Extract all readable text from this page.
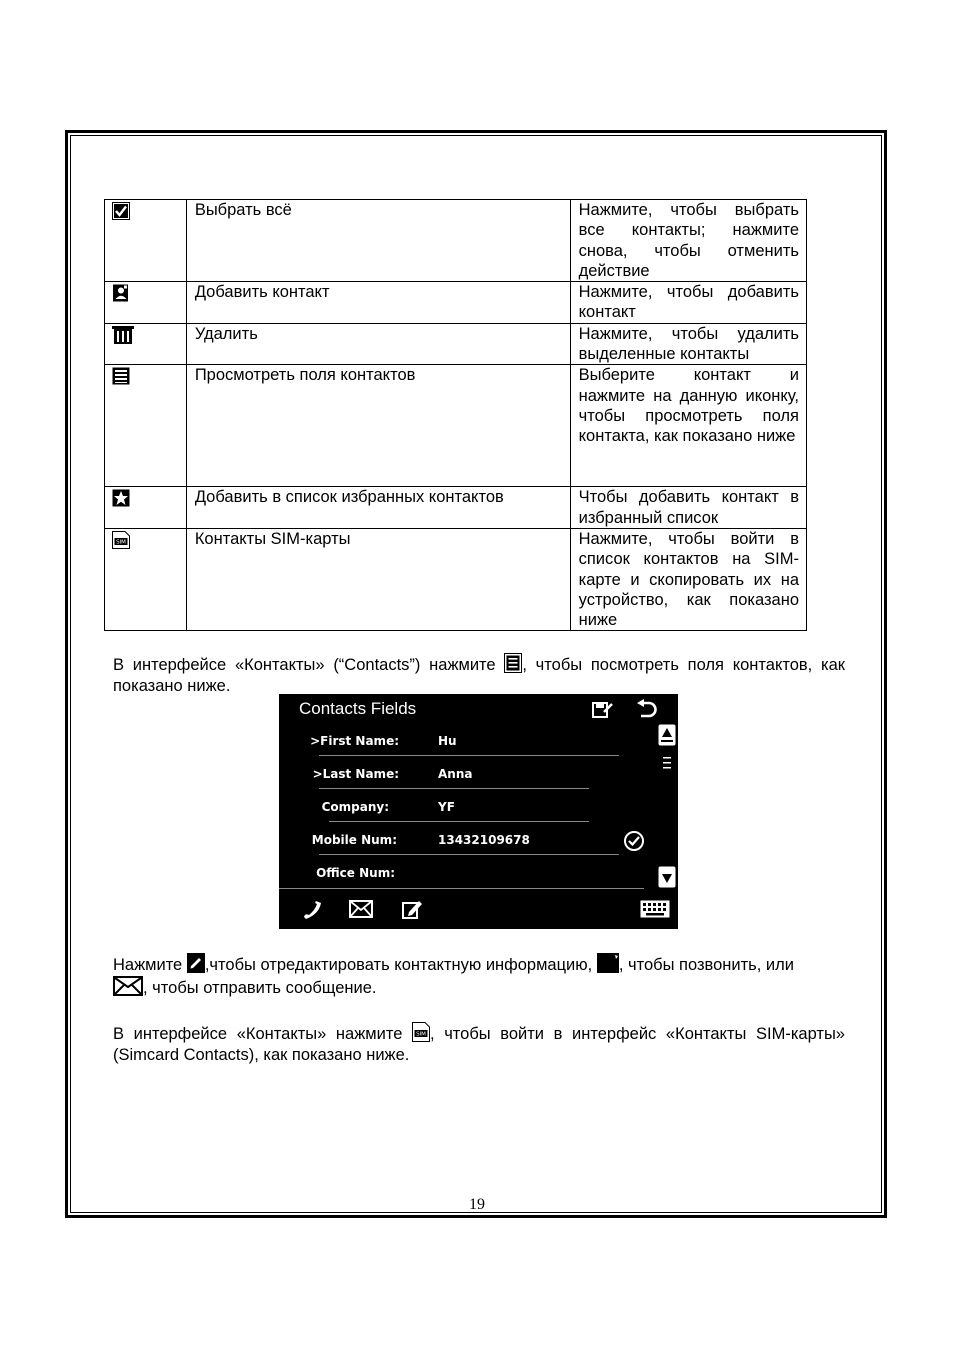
	Выбрать всё	Нажмите, чтобы выбрать все контакты; нажмите снова, чтобы отменить действие
	Добавить контакт	Нажмите, чтобы добавить контакт
	Удалить	Нажмите, чтобы удалить выделенные контакты
	Просмотреть поля контактов	Выберите контакт и нажмите на данную иконку, чтобы просмотреть поля контакта, как показано ниже
	Добавить в список избранных контактов	Чтобы добавить контакт в избранный список

SIM	Контакты SIM-карты	Нажмите, чтобы войти в список контактов на SIM-карте и скопировать их на устройство, как показано ниже
В интерфейсе «Контакты» (“Contacts”) нажмите , чтобы посмотреть поля контактов, как показано ниже.
Contacts Fields
>First Name:	Hu
>Last Name:	Anna
Company:	YF
Mobile Num:	13432109678
Office Num:
Нажмите ,чтобы отредактировать контактную информацию, , чтобы позвонить, или
, чтобы отправить сообщение.
В интерфейсе «Контакты» нажмите SIM , чтобы войти в интерфейс «Контакты SIM-карты» (Simcard Contacts), как показано ниже.
19
